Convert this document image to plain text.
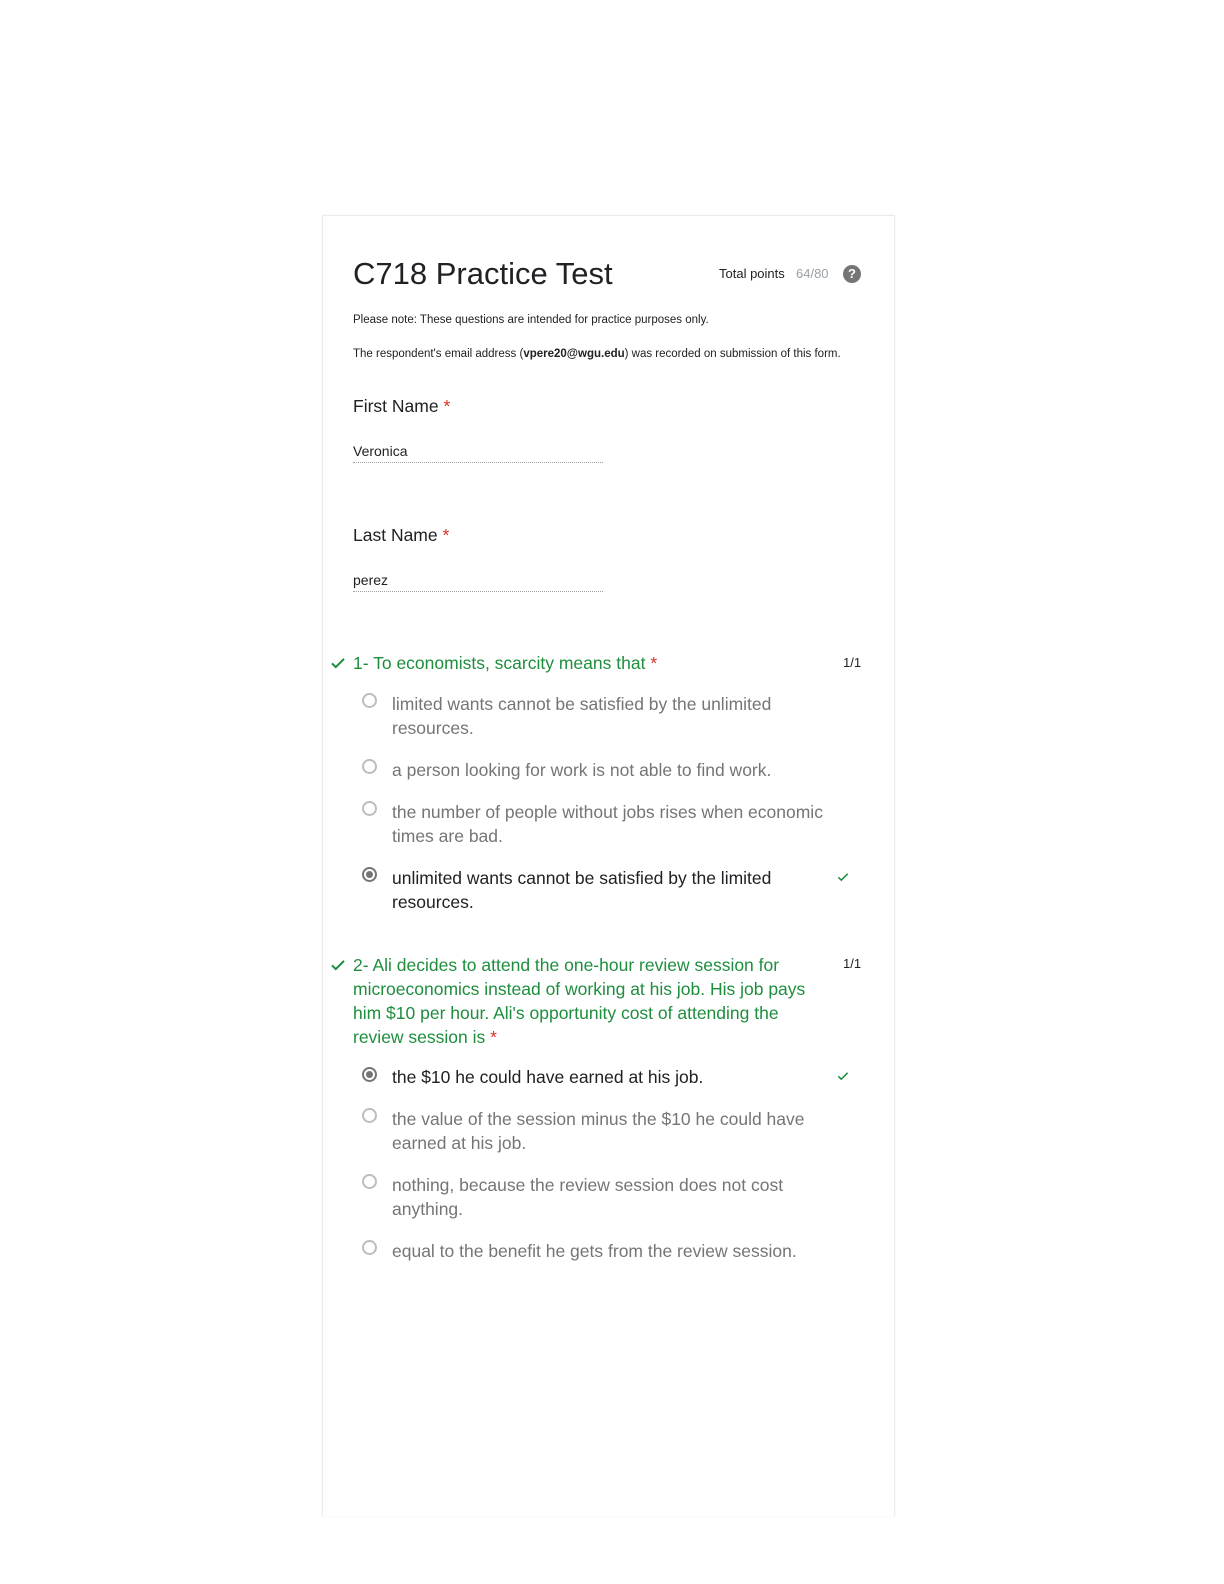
C718 Practice Test	Total points 64/80	?
Please note: These questions are intended for practice purposes only.
The respondent's email address (vpere20@wgu.edu) was recorded on submission of this form.
First Name *
Veronica
Last Name *
perez
1- To economists, scarcity means that *	1/1
limited wants cannot be satisfied by the unlimited resources.
a person looking for work is not able to find work.
the number of people without jobs rises when economic times are bad.
unlimited wants cannot be satisfied by the limited resources.
2- Ali decides to attend the one-hour review session for microeconomics instead of working at his job. His job pays him $10 per hour. Ali's opportunity cost of attending the review session is *
1/1
the $10 he could have earned at his job.
the value of the session minus the $10 he could have earned at his job.
nothing, because the review session does not cost anything.
equal to the benefit he gets from the review session.
